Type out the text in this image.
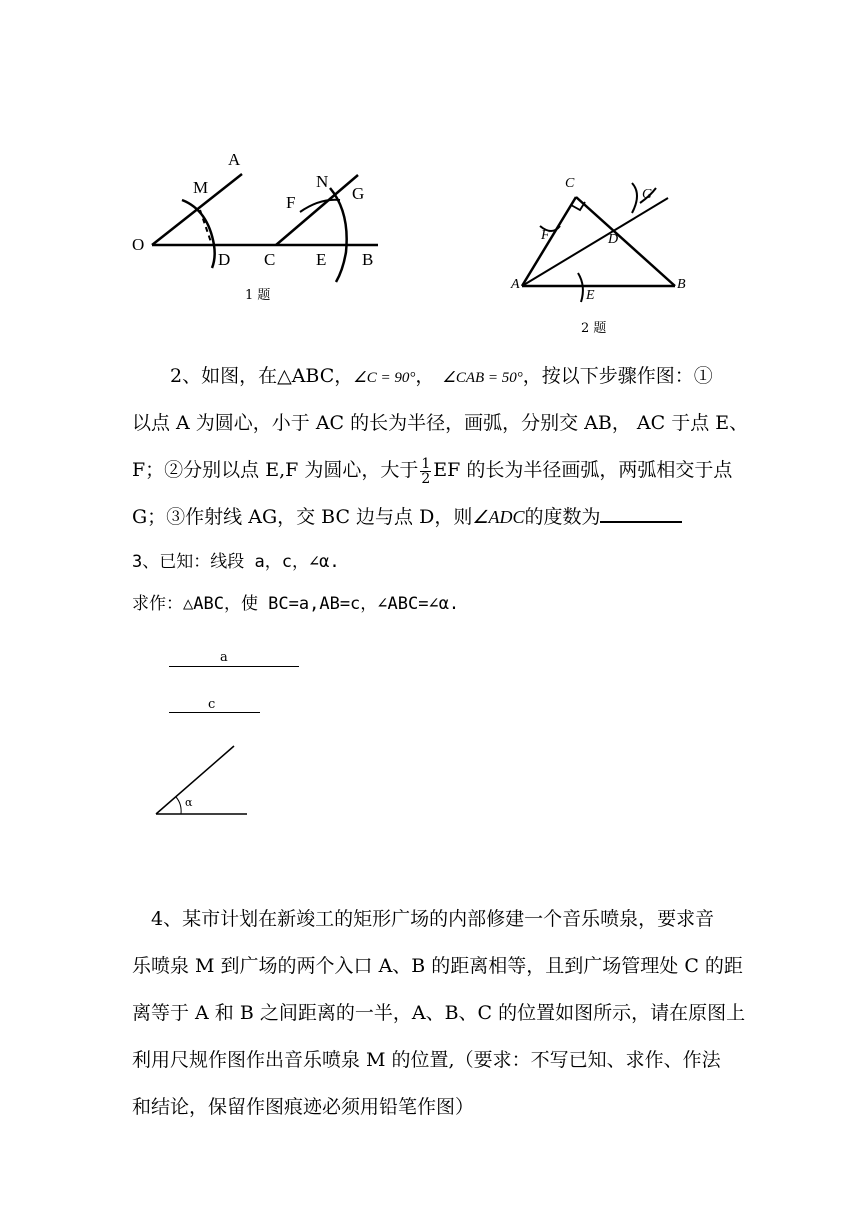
A
M	N
G
F
O
D C E B
1 题
C
F
G
D
A	B
E
2 题
2、如图，在△ABC，∠C = 90°， ∠CAB = 50°，按以下步骤作图：①
以点 A 为圆心，小于 AC 的长为半径，画弧，分别交 AB， AC 于点 E、
F；②分别以点 E,F 为圆心，大于 $\frac{1}{2}$ EF 的长为半径画弧，两弧相交于点
G；③作射线 AG，交 BC 边与点 D，则∠ADC的度数为
3、已知：线段 a，c，∠α.
求作：△ABC，使 BC=a,AB=c，∠ABC=∠α.
a
c
α
4、某市计划在新竣工的矩形广场的内部修建一个音乐喷泉，要求音
乐喷泉 M 到广场的两个入口 A、B 的距离相等，且到广场管理处 C 的距
离等于 A 和 B 之间距离的一半，A、B、C 的位置如图所示，请在原图上
利用尺规作图作出音乐喷泉 M 的位置,（要求：不写已知、求作、作法
和结论，保留作图痕迹必须用铅笔作图）
